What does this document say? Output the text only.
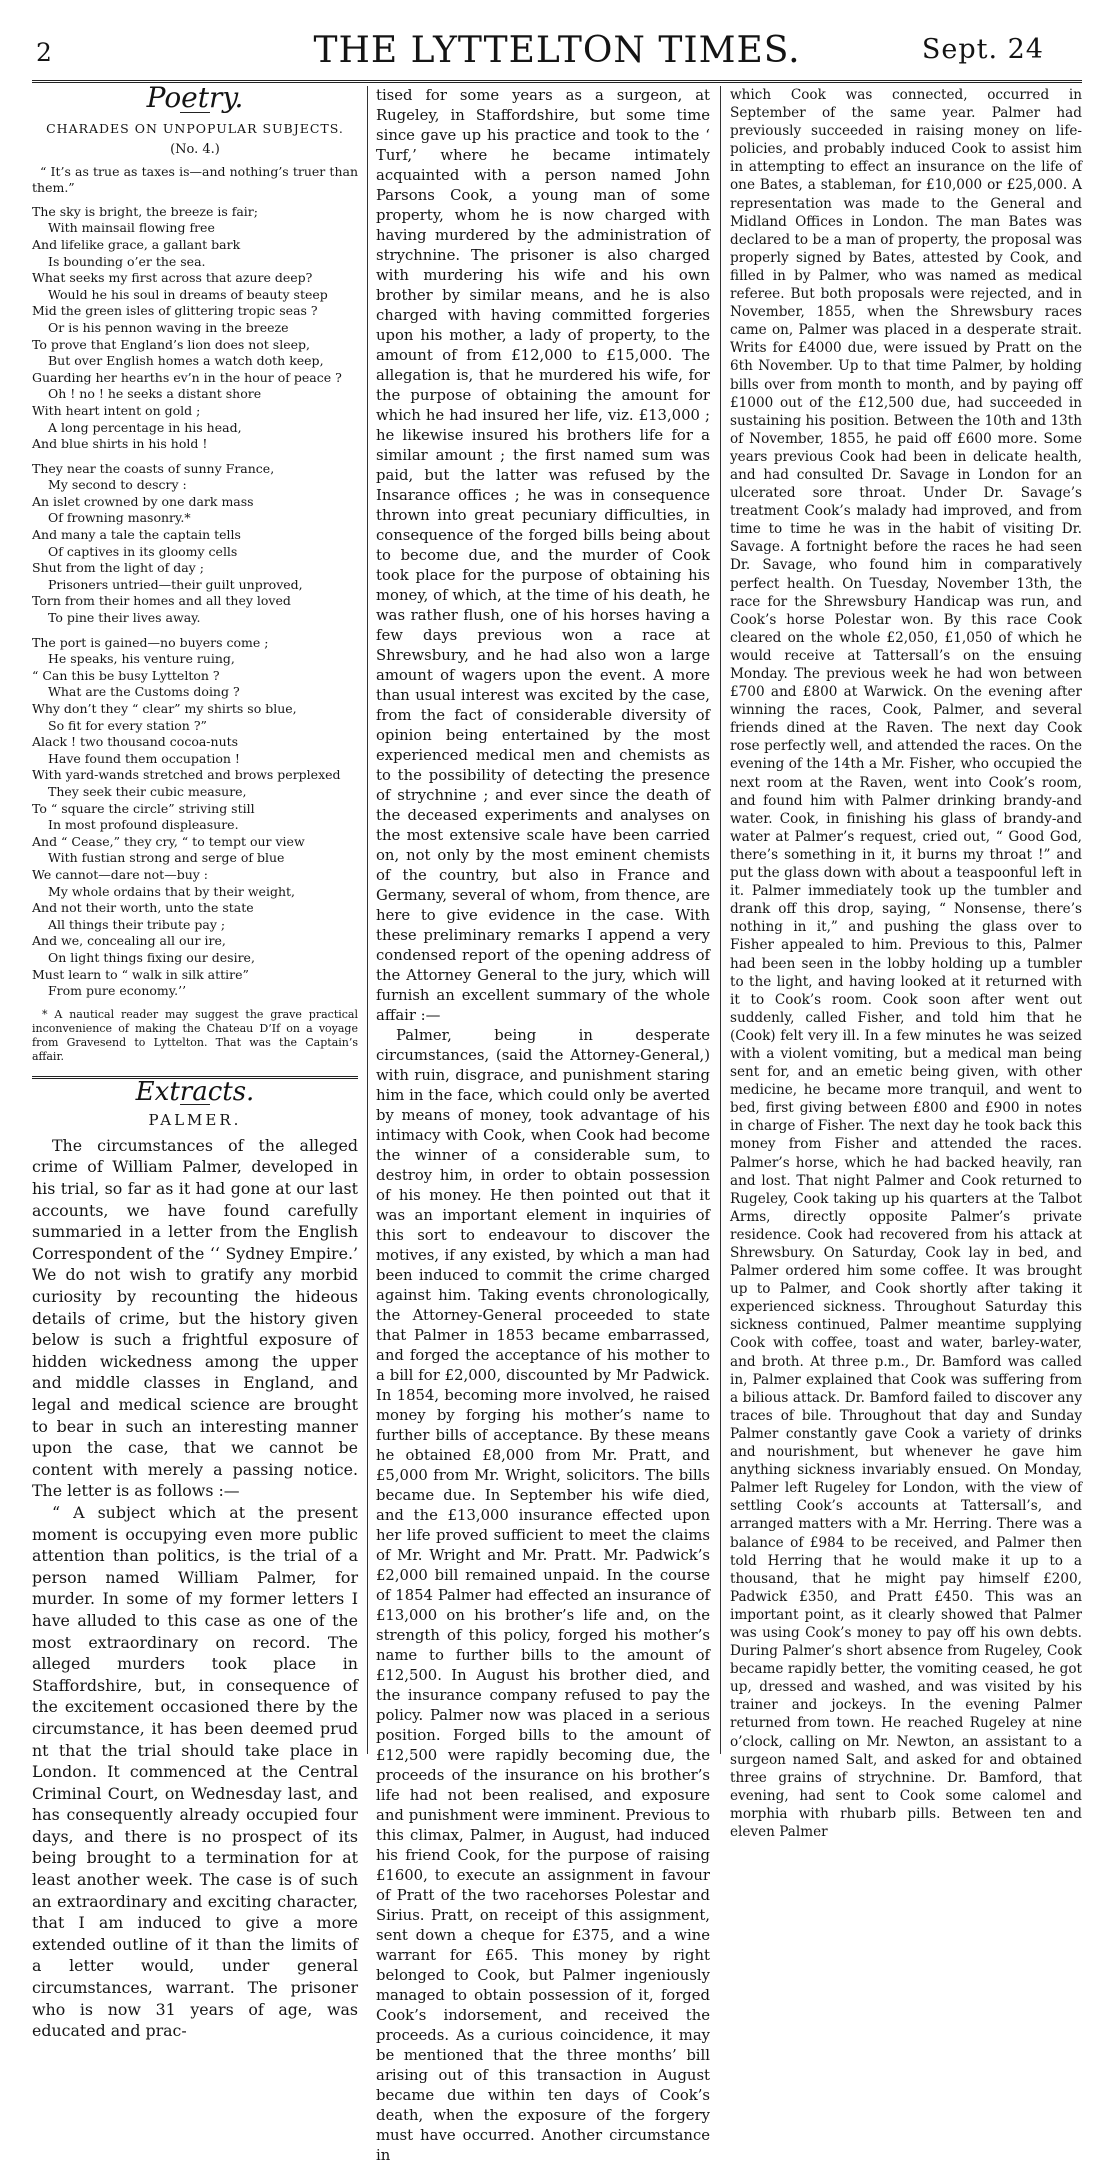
2	THE LYTTELTON TIMES.	Sept. 24
Poetry.
CHARADES ON UNPOPULAR SUBJECTS.
(No. 4.)
“ It’s as true as taxes is—and nothing’s truer than them.”
The sky is bright, the breeze is fair;
With mainsail flowing free
And lifelike grace, a gallant bark
Is bounding o’er the sea.
What seeks my first across that azure deep?
Would he his soul in dreams of beauty steep
Mid the green isles of glittering tropic seas ?
Or is his pennon waving in the breeze
To prove that England’s lion does not sleep,
But over English homes a watch doth keep,
Guarding her hearths ev’n in the hour of peace ?
Oh ! no ! he seeks a distant shore
With heart intent on gold ;
A long percentage in his head,
And blue shirts in his hold !
They near the coasts of sunny France,
My second to descry :
An islet crowned by one dark mass
Of frowning masonry.*
And many a tale the captain tells
Of captives in its gloomy cells
Shut from the light of day ;
Prisoners untried—their guilt unproved,
Torn from their homes and all they loved
To pine their lives away.
The port is gained—no buyers come ;
He speaks, his venture ruing,
“ Can this be busy Lyttelton ?
What are the Customs doing ?
Why don’t they “ clear” my shirts so blue,
So fit for every station ?”
Alack ! two thousand cocoa-nuts
Have found them occupation !
With yard-wands stretched and brows perplexed
They seek their cubic measure,
To “ square the circle” striving still
In most profound displeasure.
And “ Cease,” they cry, “ to tempt our view
With fustian strong and serge of blue
We cannot—dare not—buy :
My whole ordains that by their weight,
And not their worth, unto the state
All things their tribute pay ;
And we, concealing all our ire,
On light things fixing our desire,
Must learn to “ walk in silk attire”
From pure economy.’’
* A nautical reader may suggest the grave practical inconvenience of making the Chateau D’If on a voyage from Gravesend to Lyttelton. That was the Captain’s affair.
Extracts.
PALMER.

The circumstances of the alleged crime of William Palmer, developed in his trial, so far as it had gone at our last accounts, we have found carefully summaried in a letter from the English Correspondent of the ‘‘ Sydney Empire.’ We do not wish to gratify any morbid curiosity by recounting the hideous details of crime, but the history given below is such a frightful exposure of hidden wickedness among the upper and middle classes in England, and legal and medical science are brought to bear in such an interesting manner upon the case, that we cannot be content with merely a passing notice. The letter is as follows :—

“ A subject which at the present moment is occupying even more public attention than politics, is the trial of a person named William Palmer, for murder. In some of my former letters I have alluded to this case as one of the most extraordinary on record. The alleged murders took place in Staffordshire, but, in consequence of the excitement occasioned there by the circumstance, it has been deemed prud nt that the trial should take place in London. It commenced at the Central Criminal Court, on Wednesday last, and has consequently already occupied four days, and there is no prospect of its being brought to a termination for at least another week. The case is of such an extraordinary and exciting character, that I am induced to give a more extended outline of it than the limits of a letter would, under general circumstances, warrant. The prisoner who is now 31 years of age, was educated and prac-

tised for some years as a surgeon, at Rugeley, in Staffordshire, but some time since gave up his practice and took to the ‘ Turf,’ where he became intimately acquainted with a person named John Parsons Cook, a young man of some property, whom he is now charged with having murdered by the administration of strychnine. The prisoner is also charged with murdering his wife and his own brother by similar means, and he is also charged with having committed forgeries upon his mother, a lady of property, to the amount of from £12,000 to £15,000. The allegation is, that he murdered his wife, for the purpose of obtaining the amount for which he had insured her life, viz. £13,000 ; he likewise insured his brothers life for a similar amount ; the first named sum was paid, but the latter was refused by the Insarance offices ; he was in consequence thrown into great pecuniary difficulties, in consequence of the forged bills being about to become due, and the murder of Cook took place for the purpose of obtaining his money, of which, at the time of his death, he was rather flush, one of his horses having a few days previous won a race at Shrewsbury, and he had also won a large amount of wagers upon the event. A more than usual interest was excited by the case, from the fact of considerable diversity of opinion being entertained by the most experienced medical men and chemists as to the possibility of detecting the presence of strychnine ; and ever since the death of the deceased experiments and analyses on the most extensive scale have been carried on, not only by the most eminent chemists of the country, but also in France and Germany, several of whom, from thence, are here to give evidence in the case. With these preliminary remarks I append a very condensed report of the opening address of the Attorney General to the jury, which will furnish an excellent summary of the whole affair :—

Palmer, being in desperate circumstances, (said the Attorney-General,) with ruin, disgrace, and punishment staring him in the face, which could only be averted by means of money, took advantage of his intimacy with Cook, when Cook had become the winner of a considerable sum, to destroy him, in order to obtain possession of his money. He then pointed out that it was an important element in inquiries of this sort to endeavour to discover the motives, if any existed, by which a man had been induced to commit the crime charged against him. Taking events chronologically, the Attorney-General proceeded to state that Palmer in 1853 became embarrassed, and forged the acceptance of his mother to a bill for £2,000, discounted by Mr Padwick. In 1854, becoming more involved, he raised money by forging his mother’s name to further bills of acceptance. By these means he obtained £8,000 from Mr. Pratt, and £5,000 from Mr. Wright, solicitors. The bills became due. In September his wife died, and the £13,000 insurance effected upon her life proved sufficient to meet the claims of Mr. Wright and Mr. Pratt. Mr. Padwick’s £2,000 bill remained unpaid. In the course of 1854 Palmer had effected an insurance of £13,000 on his brother’s life and, on the strength of this policy, forged his mother’s name to further bills to the amount of £12,500. In August his brother died, and the insurance company refused to pay the policy. Palmer now was placed in a serious position. Forged bills to the amount of £12,500 were rapidly becoming due, the proceeds of the insurance on his brother’s life had not been realised, and exposure and punishment were imminent. Previous to this climax, Palmer, in August, had induced his friend Cook, for the purpose of raising £1600, to execute an assignment in favour of Pratt of the two racehorses Polestar and Sirius. Pratt, on receipt of this assignment, sent down a cheque for £375, and a wine warrant for £65. This money by right belonged to Cook, but Palmer ingeniously managed to obtain possession of it, forged Cook’s indorsement, and received the proceeds. As a curious coincidence, it may be mentioned that the three months’ bill arising out of this transaction in August became due within ten days of Cook’s death, when the exposure of the forgery must have occurred. Another circumstance in

which Cook was connected, occurred in September of the same year. Palmer had previously succeeded in raising money on life-policies, and probably induced Cook to assist him in attempting to effect an insurance on the life of one Bates, a stableman, for £10,000 or £25,000. A representation was made to the General and Midland Offices in London. The man Bates was declared to be a man of property, the proposal was properly signed by Bates, attested by Cook, and filled in by Palmer, who was named as medical referee. But both proposals were rejected, and in November, 1855, when the Shrewsbury races came on, Palmer was placed in a desperate strait. Writs for £4000 due, were issued by Pratt on the 6th November. Up to that time Palmer, by holding bills over from month to month, and by paying off £1000 out of the £12,500 due, had succeeded in sustaining his position. Between the 10th and 13th of November, 1855, he paid off £600 more. Some years previous Cook had been in delicate health, and had consulted Dr. Savage in London for an ulcerated sore throat. Under Dr. Savage’s treatment Cook’s malady had improved, and from time to time he was in the habit of visiting Dr. Savage. A fortnight before the races he had seen Dr. Savage, who found him in comparatively perfect health. On Tuesday, November 13th, the race for the Shrewsbury Handicap was run, and Cook’s horse Polestar won. By this race Cook cleared on the whole £2,050, £1,050 of which he would receive at Tattersall’s on the ensuing Monday. The previous week he had won between £700 and £800 at Warwick. On the evening after winning the races, Cook, Palmer, and several friends dined at the Raven. The next day Cook rose perfectly well, and attended the races. On the evening of the 14th a Mr. Fisher, who occupied the next room at the Raven, went into Cook’s room, and found him with Palmer drinking brandy-and water. Cook, in finishing his glass of brandy-and water at Palmer’s request, cried out, “ Good God, there’s something in it, it burns my throat !” and put the glass down with about a teaspoonful left in it. Palmer immediately took up the tumbler and drank off this drop, saying, “ Nonsense, there’s nothing in it,” and pushing the glass over to Fisher appealed to him. Previous to this, Palmer had been seen in the lobby holding up a tumbler to the light, and having looked at it returned with it to Cook’s room. Cook soon after went out suddenly, called Fisher, and told him that he (Cook) felt very ill. In a few minutes he was seized with a violent vomiting, but a medical man being sent for, and an emetic being given, with other medicine, he became more tranquil, and went to bed, first giving between £800 and £900 in notes in charge of Fisher. The next day he took back this money from Fisher and attended the races. Palmer’s horse, which he had backed heavily, ran and lost. That night Palmer and Cook returned to Rugeley, Cook taking up his quarters at the Talbot Arms, directly opposite Palmer’s private residence. Cook had recovered from his attack at Shrewsbury. On Saturday, Cook lay in bed, and Palmer ordered him some coffee. It was brought up to Palmer, and Cook shortly after taking it experienced sickness. Throughout Saturday this sickness continued, Palmer meantime supplying Cook with coffee, toast and water, barley-water, and broth. At three p.m., Dr. Bamford was called in, Palmer explained that Cook was suffering from a bilious attack. Dr. Bamford failed to discover any traces of bile. Throughout that day and Sunday Palmer constantly gave Cook a variety of drinks and nourishment, but whenever he gave him anything sickness invariably ensued. On Monday, Palmer left Rugeley for London, with the view of settling Cook’s accounts at Tattersall’s, and arranged matters with a Mr. Herring. There was a balance of £984 to be received, and Palmer then told Herring that he would make it up to a thousand, that he might pay himself £200, Padwick £350, and Pratt £450. This was an important point, as it clearly showed that Palmer was using Cook’s money to pay off his own debts. During Palmer’s short absence from Rugeley, Cook became rapidly better, the vomiting ceased, he got up, dressed and washed, and was visited by his trainer and jockeys. In the evening Palmer returned from town. He reached Rugeley at nine o’clock, calling on Mr. Newton, an assistant to a surgeon named Salt, and asked for and obtained three grains of strychnine. Dr. Bamford, that evening, had sent to Cook some calomel and morphia with rhubarb pills. Between ten and eleven Palmer
